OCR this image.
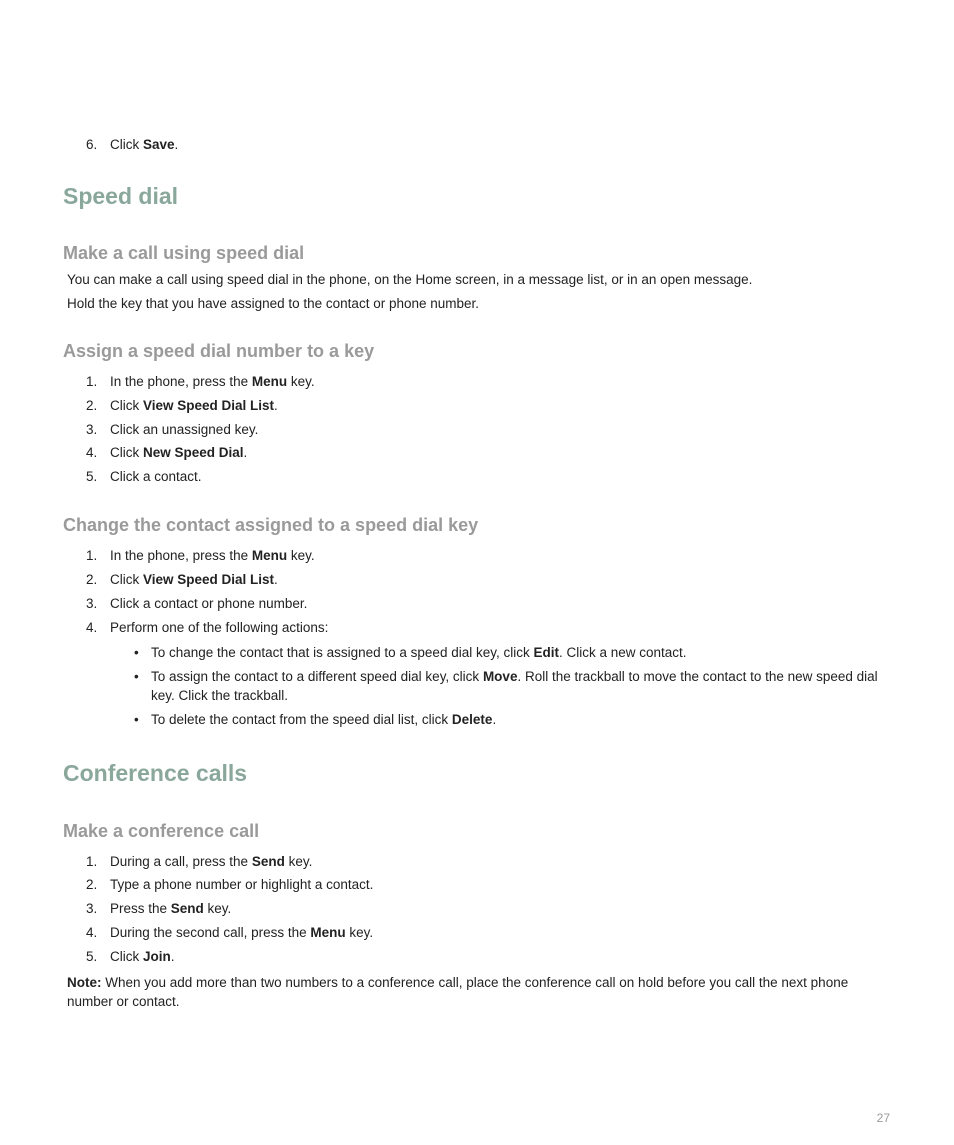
6. Click Save.
Speed dial
Make a call using speed dial
You can make a call using speed dial in the phone, on the Home screen, in a message list, or in an open message.
Hold the key that you have assigned to the contact or phone number.
Assign a speed dial number to a key
1. In the phone, press the Menu key.
2. Click View Speed Dial List.
3. Click an unassigned key.
4. Click New Speed Dial.
5. Click a contact.
Change the contact assigned to a speed dial key
1. In the phone, press the Menu key.
2. Click View Speed Dial List.
3. Click a contact or phone number.
4. Perform one of the following actions:
• To change the contact that is assigned to a speed dial key, click Edit. Click a new contact.
• To assign the contact to a different speed dial key, click Move. Roll the trackball to move the contact to the new speed dial key. Click the trackball.
• To delete the contact from the speed dial list, click Delete.
Conference calls
Make a conference call
1. During a call, press the Send key.
2. Type a phone number or highlight a contact.
3. Press the Send key.
4. During the second call, press the Menu key.
5. Click Join.
Note: When you add more than two numbers to a conference call, place the conference call on hold before you call the next phone number or contact.
27
